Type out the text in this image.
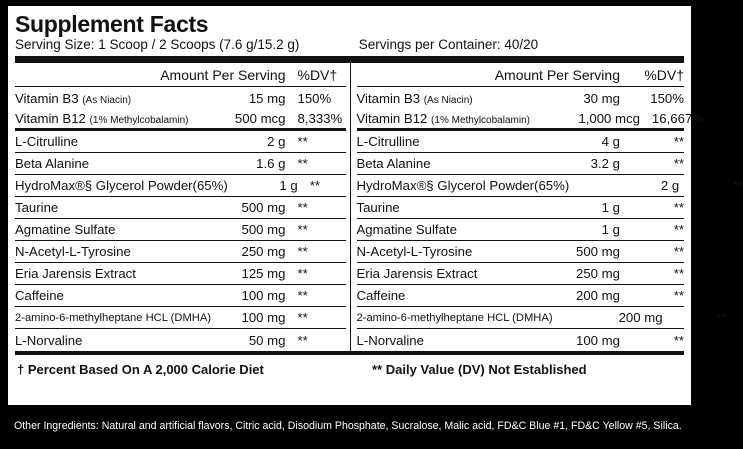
Supplement Facts
Serving Size: 1 Scoop / 2 Scoops (7.6 g/15.2 g)	Servings per Container: 40/20
Amount Per Serving %DV†
Vitamin B3 (As Niacin)	15 mg 150%
Vitamin B12 (1% Methylcobalamin)	500 mcg 8,333%
L-Citrulline	2 g **
Beta Alanine	1.6 g **
HydroMax®§ Glycerol Powder(65%)	1 g **
Taurine	500 mg **
Agmatine Sulfate	500 mg **
N-Acetyl-L-Tyrosine	250 mg **
Eria Jarensis Extract	125 mg **
Caffeine	100 mg **
2-amino-6-methylheptane HCL (DMHA)	100 mg **
L-Norvaline	50 mg **
Amount Per Serving	%DV†
Vitamin B3 (As Niacin)	30 mg	150%
Vitamin B12 (1% Methylcobalamin)	1,000 mcg 16,667%
L-Citrulline	4 g	**
Beta Alanine	3.2 g	**
HydroMax®§ Glycerol Powder(65%)	2 g	**
Taurine	1 g	**
Agmatine Sulfate	1 g	**
N-Acetyl-L-Tyrosine	500 mg	**
Eria Jarensis Extract	250 mg	**
Caffeine	200 mg	**
2-amino-6-methylheptane HCL (DMHA)	200 mg	**
L-Norvaline	100 mg	**
† Percent Based On A 2,000 Calorie Diet	** Daily Value (DV) Not Established
Other Ingredients: Natural and artificial flavors, Citric acid, Disodium Phosphate, Sucralose, Malic acid, FD&C Blue #1, FD&C Yellow #5, Silica.
